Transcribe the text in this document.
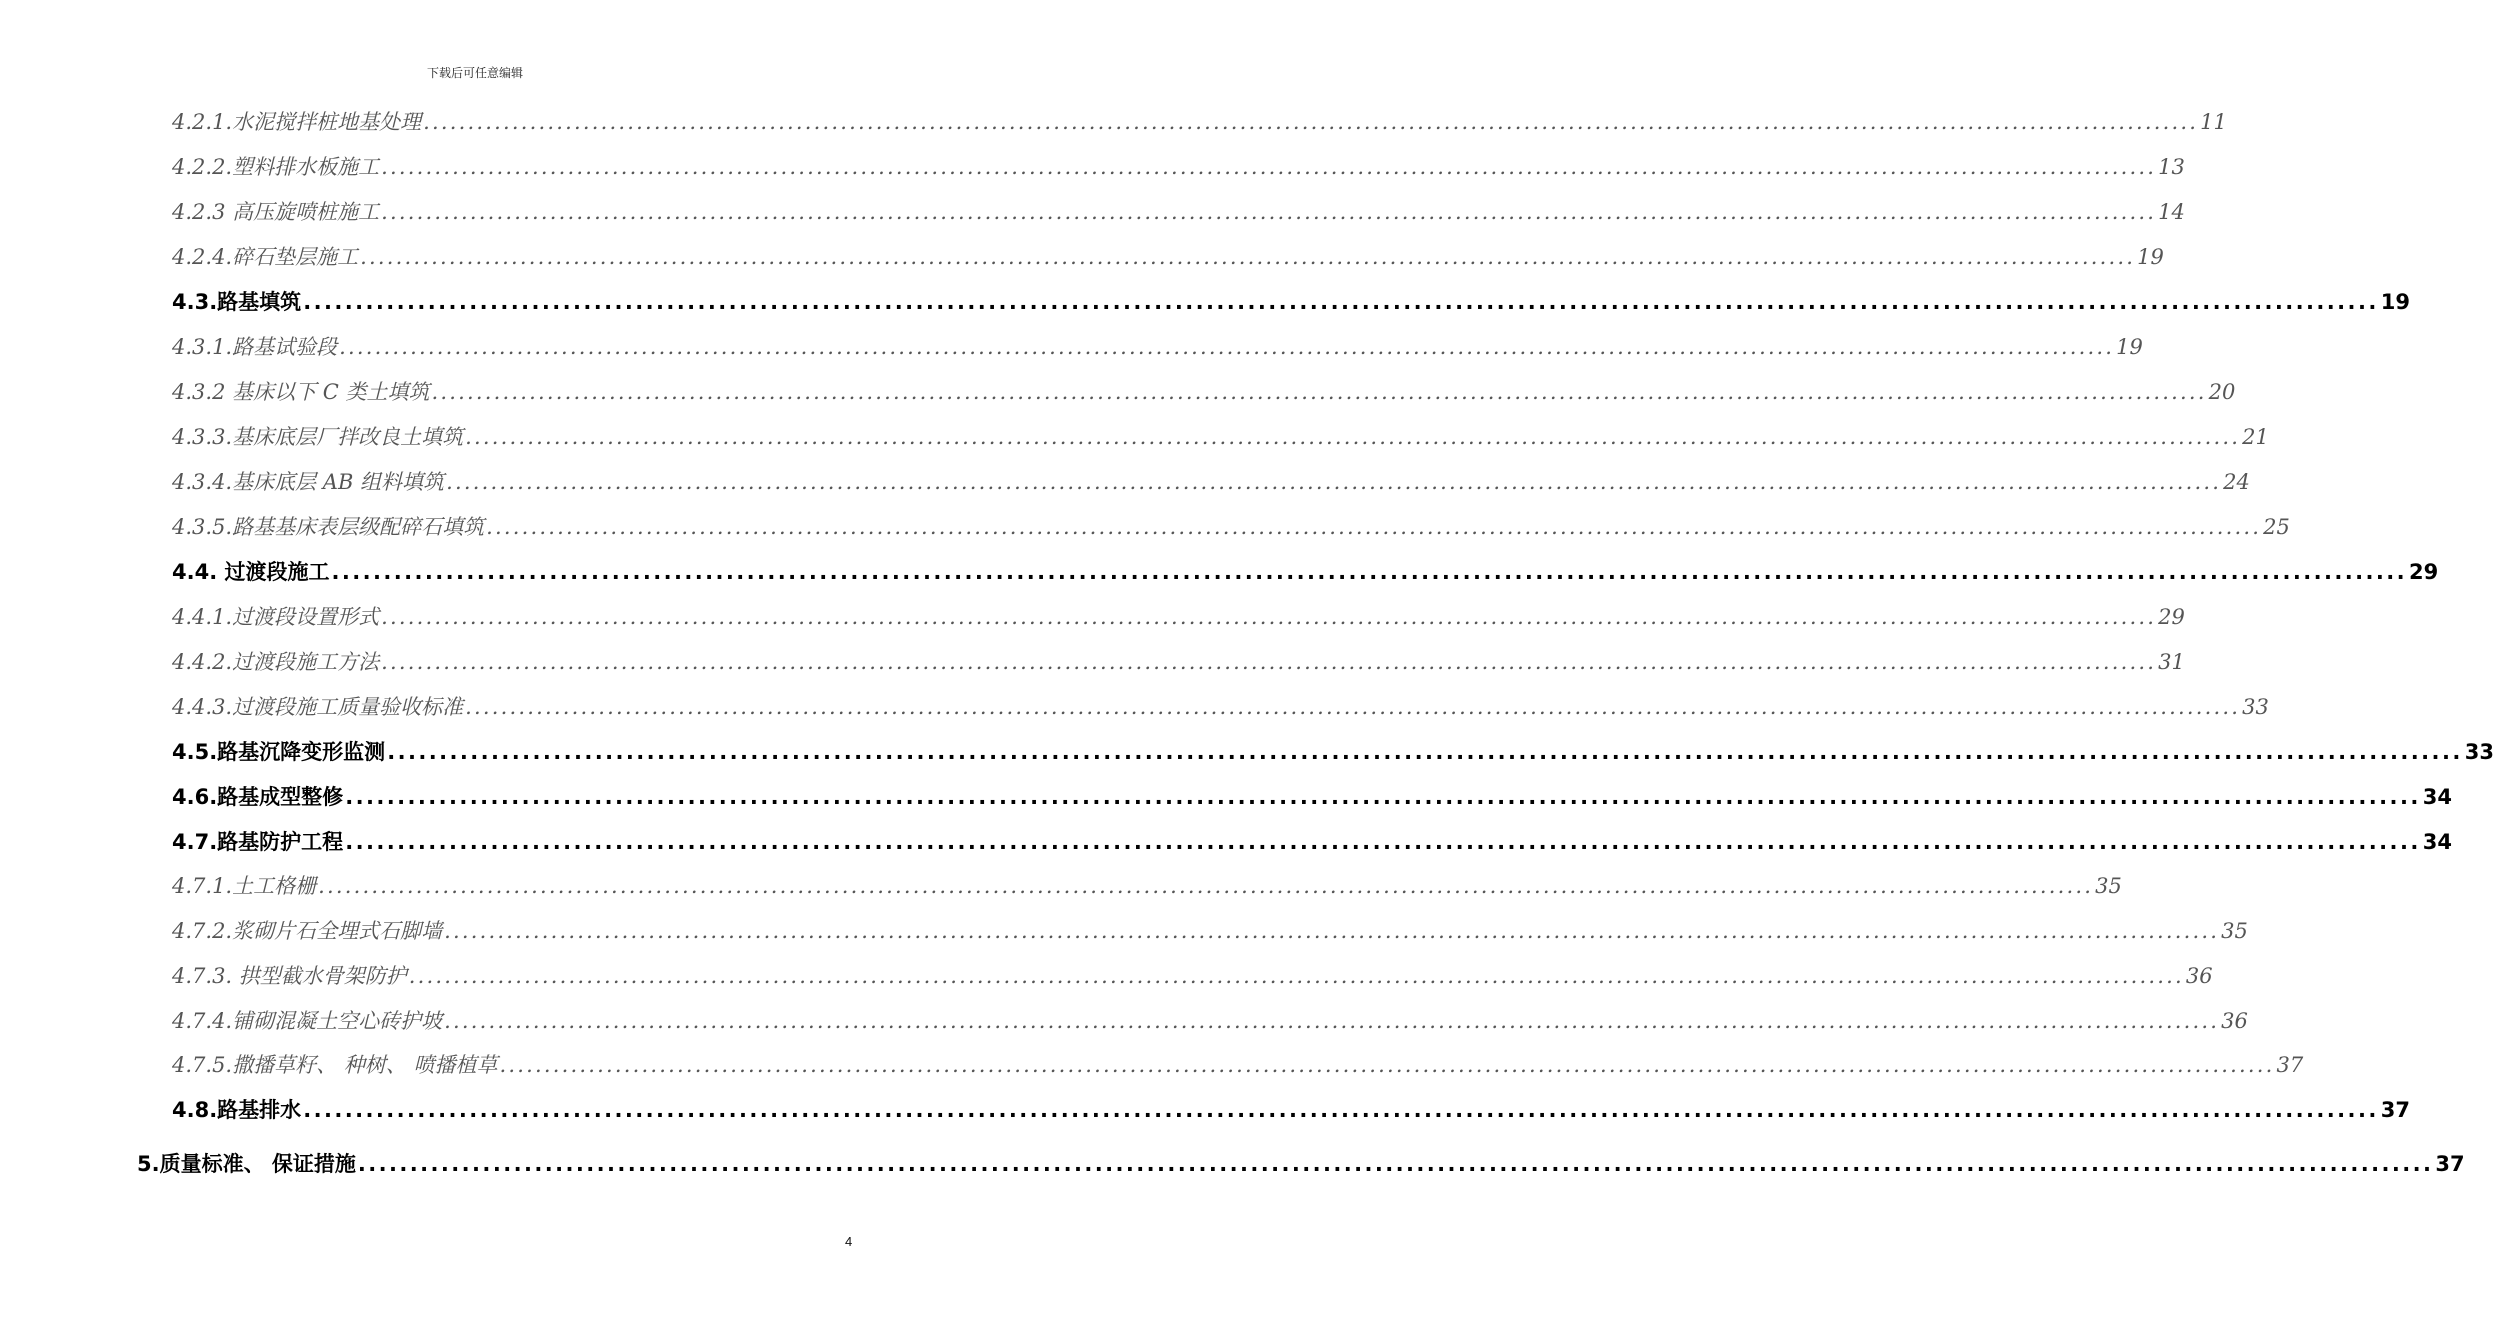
下载后可任意编辑
4.2.1.水泥搅拌桩地基处理 ........................................................................................................................................................................................................ 11
4.2.2.塑料排水板施工 ........................................................................................................................................................................................................ 13
4.2.3 高压旋喷桩施工 ........................................................................................................................................................................................................ 14
4.2.4.碎石垫层施工 ........................................................................................................................................................................................................ 19
4.3.路基填筑 ........................................................................................................................................................................................................ 19
4.3.1.路基试验段 ........................................................................................................................................................................................................ 19
4.3.2 基床以下 C 类土填筑 ........................................................................................................................................................................................................ 20
4.3.3.基床底层厂拌改良土填筑 ........................................................................................................................................................................................................ 21
4.3.4.基床底层 AB 组料填筑 ........................................................................................................................................................................................................ 24
4.3.5.路基基床表层级配碎石填筑 ........................................................................................................................................................................................................ 25
4.4. 过渡段施工 ........................................................................................................................................................................................................ 29
4.4.1.过渡段设置形式 ........................................................................................................................................................................................................ 29
4.4.2.过渡段施工方法 ........................................................................................................................................................................................................ 31
4.4.3.过渡段施工质量验收标准 ........................................................................................................................................................................................................ 33
4.5.路基沉降变形监测 ........................................................................................................................................................................................................ 33
4.6.路基成型整修 ........................................................................................................................................................................................................ 34
4.7.路基防护工程 ........................................................................................................................................................................................................ 34
4.7.1.土工格栅 ........................................................................................................................................................................................................ 35
4.7.2.浆砌片石全埋式石脚墙 ........................................................................................................................................................................................................ 35
4.7.3. 拱型截水骨架防护 ........................................................................................................................................................................................................ 36
4.7.4.铺砌混凝土空心砖护坡 ........................................................................................................................................................................................................ 36
4.7.5.撒播草籽、 种树、 喷播植草 ........................................................................................................................................................................................................ 37
4.8.路基排水 ........................................................................................................................................................................................................ 37
5.质量标准、 保证措施 ........................................................................................................................................................................................................ 37
4
